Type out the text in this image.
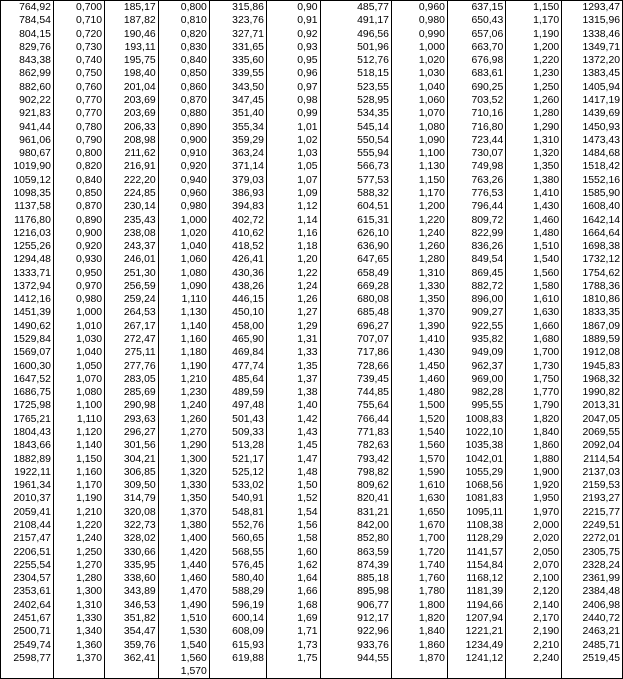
764,92	0,700	185,17	0,800	315,86	0,90	485,77	0,960	637,15	1,150	1293,47
784,54	0,710	187,82	0,810	323,76	0,91	491,17	0,980	650,43	1,170	1315,96
804,15	0,720	190,46	0,820	327,71	0,92	496,56	0,990	657,06	1,190	1338,46
829,76	0,730	193,11	0,830	331,65	0,93	501,96	1,000	663,70	1,200	1349,71
843,38	0,740	195,75	0,840	335,60	0,95	512,76	1,020	676,98	1,220	1372,20
862,99	0,750	198,40	0,850	339,55	0,96	518,15	1,030	683,61	1,230	1383,45
882,60	0,760	201,04	0,860	343,50	0,97	523,55	1,040	690,25	1,250	1405,94
902,22	0,770	203,69	0,870	347,45	0,98	528,95	1,060	703,52	1,260	1417,19
921,83	0,770	203,69	0,880	351,40	0,99	534,35	1,070	710,16	1,280	1439,69
941,44	0,780	206,33	0,890	355,34	1,01	545,14	1,080	716,80	1,290	1450,93
961,06	0,790	208,98	0,900	359,29	1,02	550,54	1,090	723,44	1,310	1473,43
980,67	0,800	211,62	0,910	363,24	1,03	555,94	1,100	730,07	1,320	1484,68
1019,90	0,820	216,91	0,920	371,14	1,05	566,73	1,130	749,98	1,350	1518,42
1059,12	0,840	222,20	0,940	379,03	1,07	577,53	1,150	763,26	1,380	1552,16
1098,35	0,850	224,85	0,960	386,93	1,09	588,32	1,170	776,53	1,410	1585,90
1137,58	0,870	230,14	0,980	394,83	1,12	604,51	1,200	796,44	1,430	1608,40
1176,80	0,890	235,43	1,000	402,72	1,14	615,31	1,220	809,72	1,460	1642,14
1216,03	0,900	238,08	1,020	410,62	1,16	626,10	1,240	822,99	1,480	1664,64
1255,26	0,920	243,37	1,040	418,52	1,18	636,90	1,260	836,26	1,510	1698,38
1294,48	0,930	246,01	1,060	426,41	1,20	647,65	1,280	849,54	1,540	1732,12
1333,71	0,950	251,30	1,080	430,36	1,22	658,49	1,310	869,45	1,560	1754,62
1372,94	0,970	256,59	1,090	438,26	1,24	669,28	1,330	882,72	1,580	1788,36
1412,16	0,980	259,24	1,110	446,15	1,26	680,08	1,350	896,00	1,610	1810,86
1451,39	1,000	264,53	1,130	450,10	1,27	685,48	1,370	909,27	1,630	1833,35
1490,62	1,010	267,17	1,140	458,00	1,29	696,27	1,390	922,55	1,660	1867,09
1529,84	1,030	272,47	1,160	465,90	1,31	707,07	1,410	935,82	1,680	1889,59
1569,07	1,040	275,11	1,180	469,84	1,33	717,86	1,430	949,09	1,700	1912,08
1600,30	1,050	277,76	1,190	477,74	1,35	728,66	1,450	962,37	1,730	1945,83
1647,52	1,070	283,05	1,210	485,64	1,37	739,45	1,460	969,00	1,750	1968,32
1686,75	1,080	285,69	1,230	489,59	1,38	744,85	1,480	982,28	1,770	1990,82
1725,98	1,100	290,98	1,240	497,48	1,40	755,64	1,500	995,55	1,790	2013,31
1765,21	1,110	293,63	1,260	501,43	1,42	766,44	1,520	1008,83	1,820	2047,05
1804,43	1,120	296,27	1,270	509,33	1,43	771,83	1,540	1022,10	1,840	2069,55
1843,66	1,140	301,56	1,290	513,28	1,45	782,63	1,560	1035,38	1,860	2092,04
1882,89	1,150	304,21	1,300	521,17	1,47	793,42	1,570	1042,01	1,880	2114,54
1922,11	1,160	306,85	1,320	525,12	1,48	798,82	1,590	1055,29	1,900	2137,03
1961,34	1,170	309,50	1,330	533,02	1,50	809,62	1,610	1068,56	1,920	2159,53
2010,37	1,190	314,79	1,350	540,91	1,52	820,41	1,630	1081,83	1,950	2193,27
2059,41	1,210	320,08	1,370	548,81	1,54	831,21	1,650	1095,11	1,970	2215,77
2108,44	1,220	322,73	1,380	552,76	1,56	842,00	1,670	1108,38	2,000	2249,51
2157,47	1,240	328,02	1,400	560,65	1,58	852,80	1,700	1128,29	2,020	2272,01
2206,51	1,250	330,66	1,420	568,55	1,60	863,59	1,720	1141,57	2,050	2305,75
2255,54	1,270	335,95	1,440	576,45	1,62	874,39	1,740	1154,84	2,070	2328,24
2304,57	1,280	338,60	1,460	580,40	1,64	885,18	1,760	1168,12	2,100	2361,99
2353,61	1,300	343,89	1,470	588,29	1,66	895,98	1,780	1181,39	2,120	2384,48
2402,64	1,310	346,53	1,490	596,19	1,68	906,77	1,800	1194,66	2,140	2406,98
2451,67	1,330	351,82	1,510	600,14	1,69	912,17	1,820	1207,94	2,170	2440,72
2500,71	1,340	354,47	1,530	608,09	1,71	922,96	1,840	1221,21	2,190	2463,21
2549,74	1,360	359,76	1,540	615,93	1,73	933,76	1,860	1234,49	2,210	2485,71
2598,77	1,370	362,41	1,560	619,88	1,75	944,55	1,870	1241,12	2,240	2519,45
			1,570							
